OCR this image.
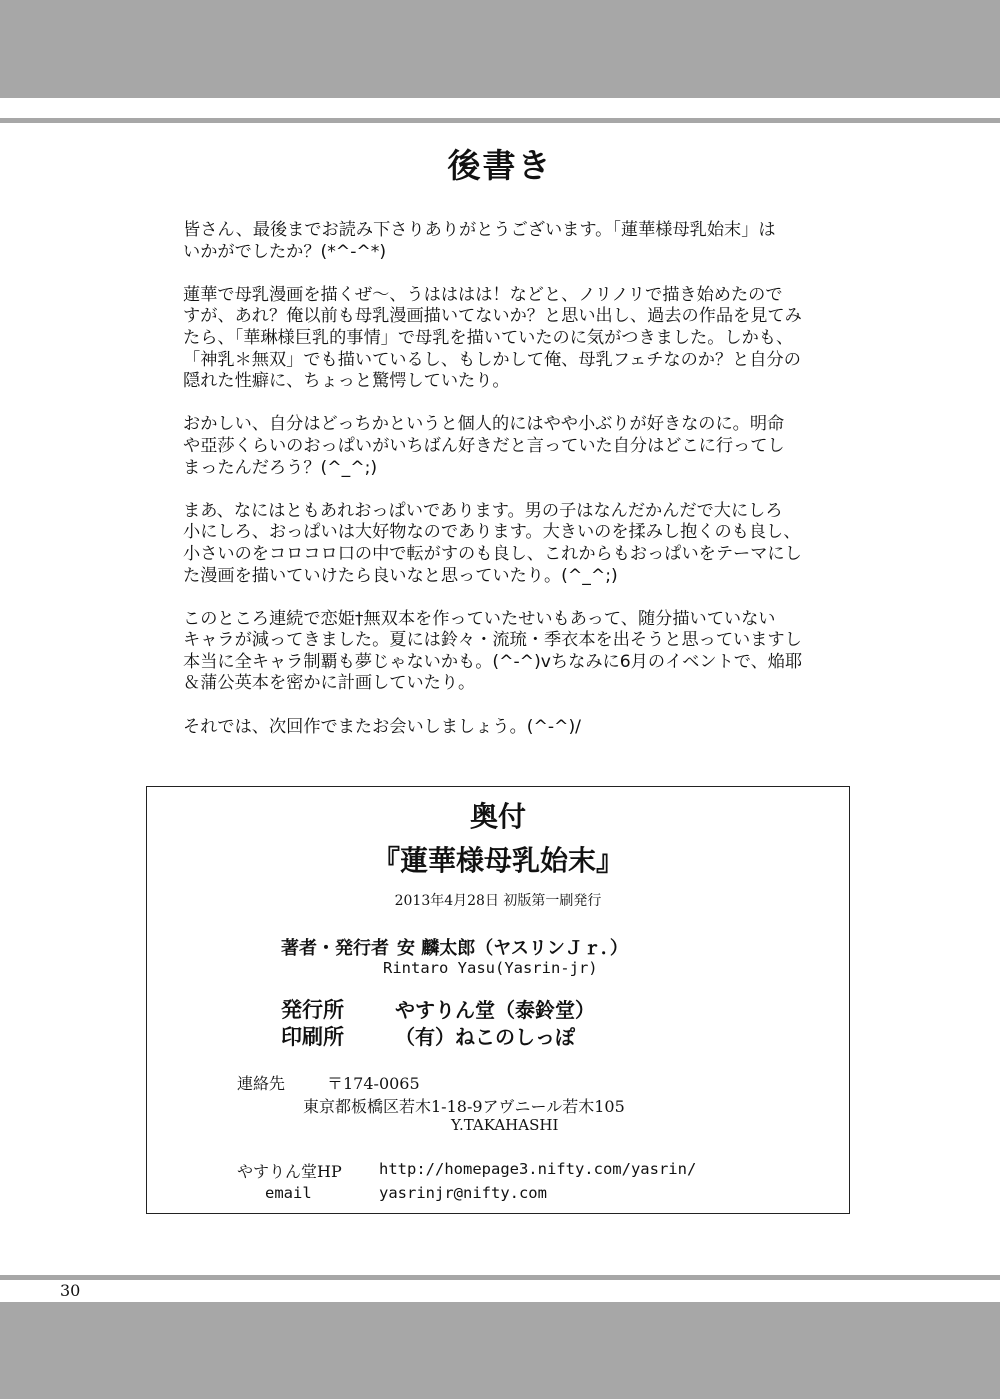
後書き

皆さん、最後までお読み下さりありがとうございます。「蓮華様母乳始末」は
いかがでしたか？(*^-^*)

蓮華で母乳漫画を描くぜ～、うはははは！などと、ノリノリで描き始めたので
すが、あれ？俺以前も母乳漫画描いてないか？と思い出し、過去の作品を見てみ
たら、「華琳様巨乳的事情」で母乳を描いていたのに気がつきました。しかも、
「神乳＊無双」でも描いているし、もしかして俺、母乳フェチなのか？と自分の
隠れた性癖に、ちょっと驚愕していたり。

おかしい、自分はどっちかというと個人的にはやや小ぶりが好きなのに。明命
や亞莎くらいのおっぱいがいちばん好きだと言っていた自分はどこに行ってし
まったんだろう？(^_^;)

まあ、なにはともあれおっぱいであります。男の子はなんだかんだで大にしろ
小にしろ、おっぱいは大好物なのであります。大きいのを揉みし抱くのも良し、
小さいのをコロコロ口の中で転がすのも良し、これからもおっぱいをテーマにし
た漫画を描いていけたら良いなと思っていたり。(^_^;)

このところ連続で恋姫†無双本を作っていたせいもあって、随分描いていない
キャラが減ってきました。夏には鈴々・流琉・季衣本を出そうと思っていますし
本当に全キャラ制覇も夢じゃないかも。(^-^)vちなみに6月のイベントで、焔耶
＆蒲公英本を密かに計画していたり。

それでは、次回作でまたお会いしましょう。(^-^)/

奥付
『蓮華様母乳始末』
2013年4月28日 初版第一刷発行
著者・発行者 安 麟太郎（ヤスリンＪｒ．）
Rintaro Yasu(Yasrin-jr)
発行所	やすりん堂（泰鈴堂）
印刷所	（有）ねこのしっぽ
連絡先	〒174-0065
東京都板橋区若木1-18-9アヴニール若木105
Y.TAKAHASHI
やすりん堂HP http://homepage3.nifty.com/yasrin/
email	yasrinjr@nifty.com
30
